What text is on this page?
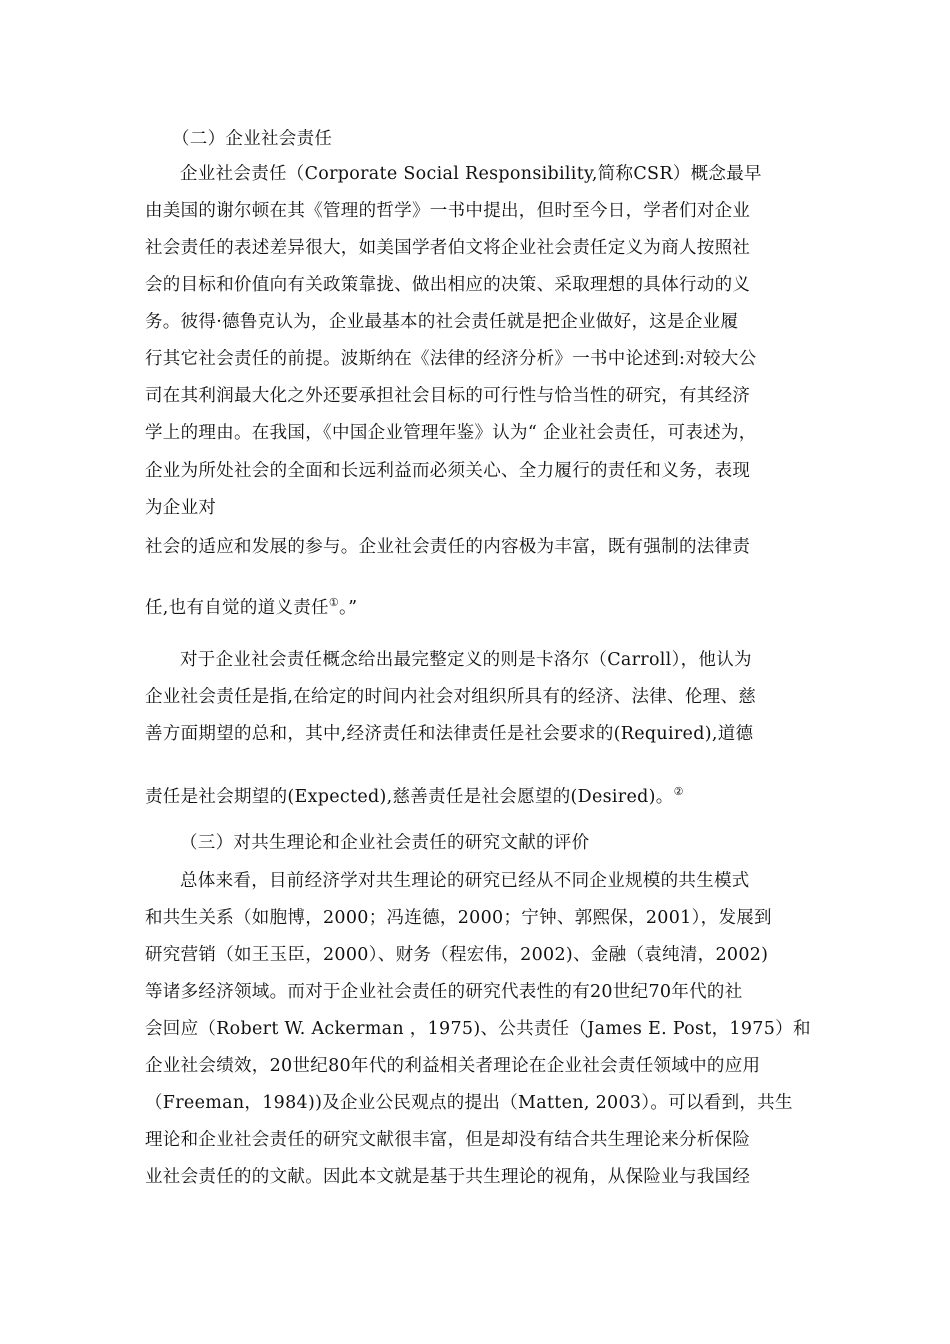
（二）企业社会责任
企业社会责任（Corporate Social Responsibility,简称CSR）概念最早
由美国的谢尔顿在其《管理的哲学》一书中提出，但时至今日，学者们对企业
社会责任的表述差异很大，如美国学者伯文将企业社会责任定义为商人按照社
会的目标和价值向有关政策靠拢、做出相应的决策、采取理想的具体行动的义
务。彼得·德鲁克认为，企业最基本的社会责任就是把企业做好，这是企业履
行其它社会责任的前提。波斯纳在《法律的经济分析》一书中论述到:对较大公
司在其利润最大化之外还要承担社会目标的可行性与恰当性的研究，有其经济
学上的理由。在我国，《中国企业管理年鉴》认为“ 企业社会责任，可表述为，
企业为所处社会的全面和长远利益而必须关心、全力履行的责任和义务，表现
为企业对
社会的适应和发展的参与。企业社会责任的内容极为丰富，既有强制的法律责
任,也有自觉的道义责任①。”
对于企业社会责任概念给出最完整定义的则是卡洛尔（Carroll），他认为
企业社会责任是指,在给定的时间内社会对组织所具有的经济、法律、伦理、慈
善方面期望的总和，其中,经济责任和法律责任是社会要求的(Required),道德
责任是社会期望的(Expected),慈善责任是社会愿望的(Desired)。②
（三）对共生理论和企业社会责任的研究文献的评价
总体来看，目前经济学对共生理论的研究已经从不同企业规模的共生模式
和共生关系（如胞博，2000；冯连德，2000；宁钟、郭熙保，2001），发展到
研究营销（如王玉臣，2000）、财务（程宏伟，2002)、金融（袁纯清，2002)
等诸多经济领域。而对于企业社会责任的研究代表性的有20世纪70年代的社
会回应（Robert W. Ackerman ，1975)、公共责任（James E. Post，1975）和
企业社会绩效，20世纪80年代的利益相关者理论在企业社会责任领域中的应用
（Freeman，1984))及企业公民观点的提出（Matten, 2003）。可以看到，共生
理论和企业社会责任的研究文献很丰富，但是却没有结合共生理论来分析保险
业社会责任的的文献。因此本文就是基于共生理论的视角，从保险业与我国经
